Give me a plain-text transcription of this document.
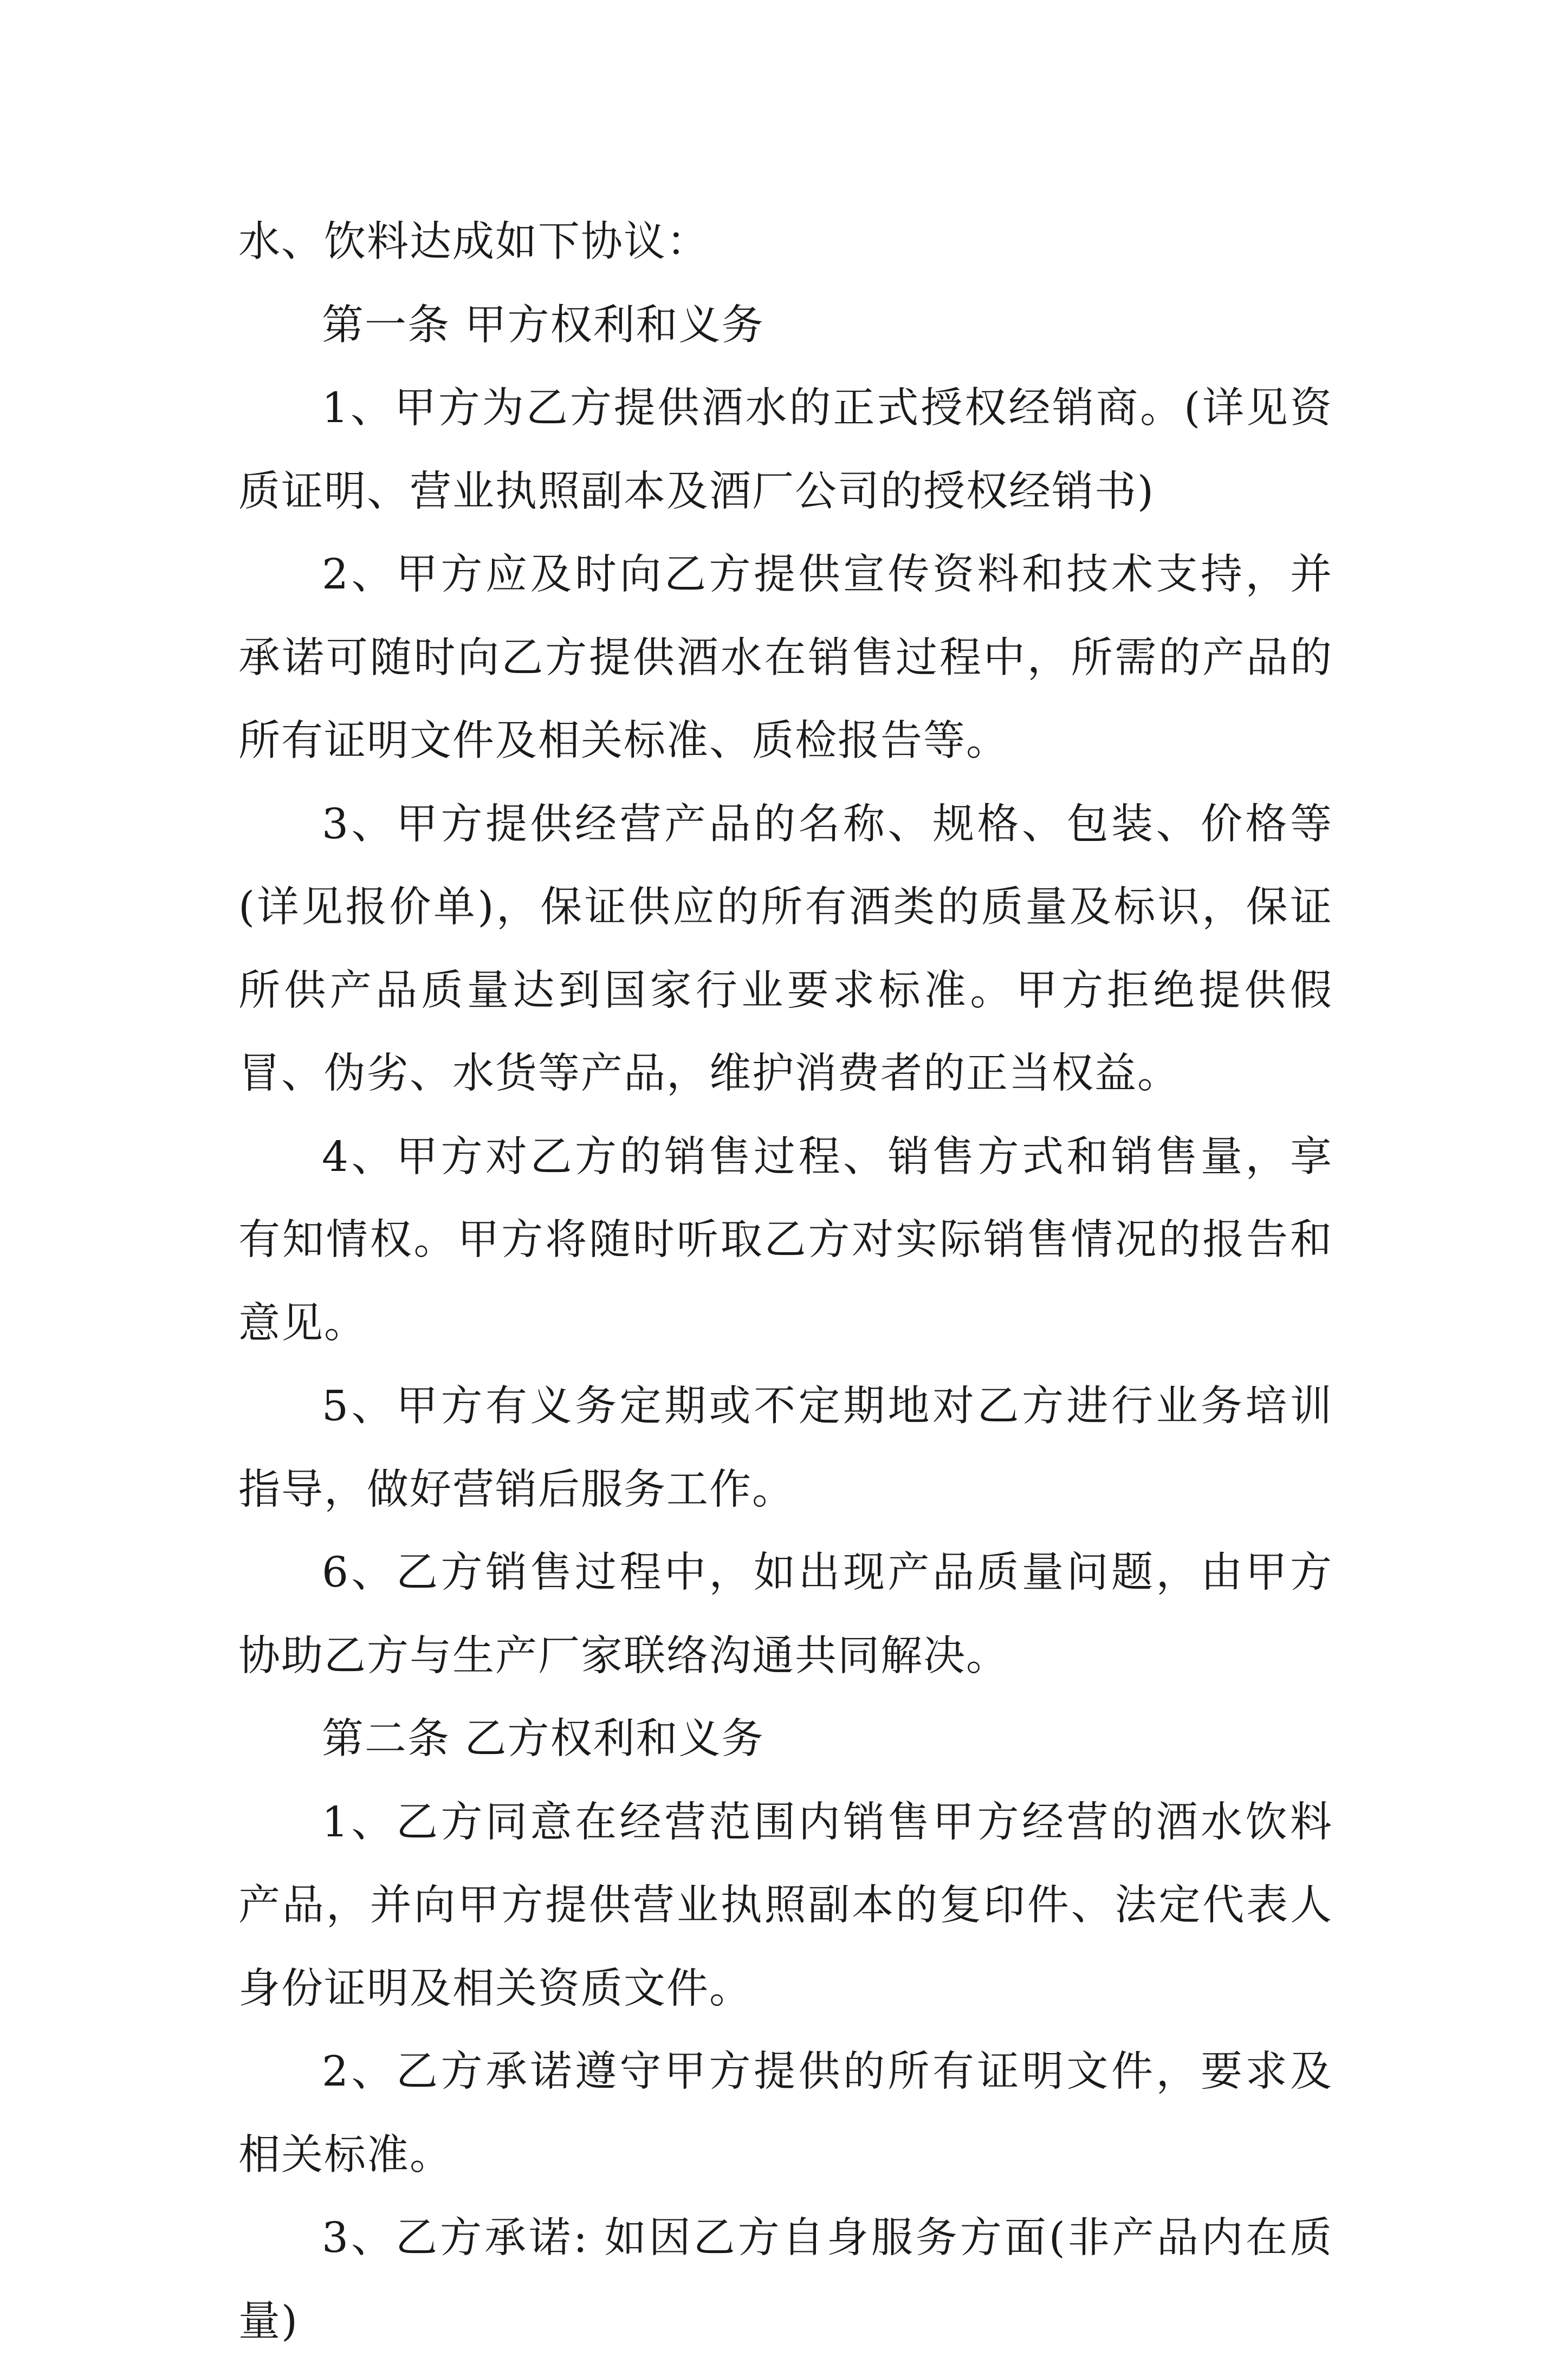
水、饮料达成如下协议：

第一条 甲方权利和义务

1、甲方为乙方提供酒水的正式授权经销商。(详见资质证明、营业执照副本及酒厂公司的授权经销书)

2、甲方应及时向乙方提供宣传资料和技术支持，并承诺可随时向乙方提供酒水在销售过程中，所需的产品的所有证明文件及相关标准、质检报告等。

3、甲方提供经营产品的名称、规格、包装、价格等(详见报价单)，保证供应的所有酒类的质量及标识，保证所供产品质量达到国家行业要求标准。甲方拒绝提供假冒、伪劣、水货等产品，维护消费者的正当权益。

4、甲方对乙方的销售过程、销售方式和销售量，享有知情权。甲方将随时听取乙方对实际销售情况的报告和意见。

5、甲方有义务定期或不定期地对乙方进行业务培训指导，做好营销后服务工作。

6、乙方销售过程中，如出现产品质量问题，由甲方协助乙方与生产厂家联络沟通共同解决。

第二条 乙方权利和义务

1、乙方同意在经营范围内销售甲方经营的酒水饮料产品，并向甲方提供营业执照副本的复印件、法定代表人身份证明及相关资质文件。

2、乙方承诺遵守甲方提供的所有证明文件，要求及相关标准。

3、乙方承诺: 如因乙方自身服务方面(非产品内在质量)
